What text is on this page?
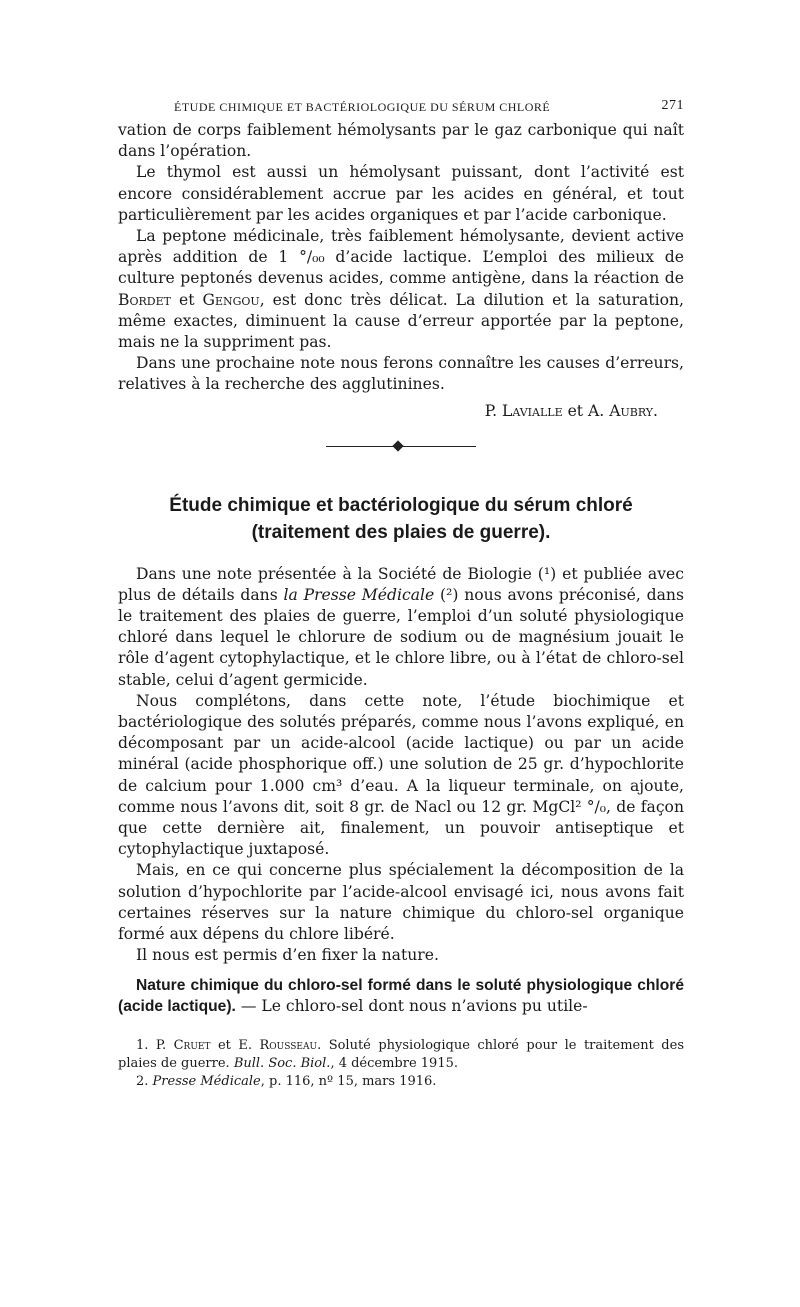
ÉTUDE CHIMIQUE ET BACTÉRIOLOGIQUE DU SÉRUM CHLORÉ	271

vation de corps faiblement hémolysants par le gaz carbonique qui naît dans l’opération.

Le thymol est aussi un hémolysant puissant, dont l’activité est encore considérablement accrue par les acides en général, et tout particulièrement par les acides organiques et par l’acide carbonique.

La peptone médicinale, très faiblement hémolysante, devient active après addition de 1 °/₀₀ d’acide lactique. L’emploi des milieux de culture peptonés devenus acides, comme antigène, dans la réaction de Bordet et Gengou, est donc très délicat. La dilution et la saturation, même exactes, diminuent la cause d’erreur apportée par la peptone, mais ne la suppriment pas.

Dans une prochaine note nous ferons connaître les causes d’erreurs, relatives à la recherche des agglutinines.

P. Lavialle et A. Aubry.
Étude chimique et bactériologique du sérum chloré
(traitement des plaies de guerre).

Dans une note présentée à la Société de Biologie (¹) et publiée avec plus de détails dans la Presse Médicale (²) nous avons préconisé, dans le traitement des plaies de guerre, l’emploi d’un soluté physiologique chloré dans lequel le chlorure de sodium ou de magnésium jouait le rôle d’agent cytophylactique, et le chlore libre, ou à l’état de chloro-sel stable, celui d’agent germicide.

Nous complétons, dans cette note, l’étude biochimique et bactériologique des solutés préparés, comme nous l’avons expliqué, en décomposant par un acide-alcool (acide lactique) ou par un acide minéral (acide phosphorique off.) une solution de 25 gr. d’hypochlorite de calcium pour 1.000 cm³ d’eau. A la liqueur terminale, on ajoute, comme nous l’avons dit, soit 8 gr. de Nacl ou 12 gr. MgCl² °/₀, de façon que cette dernière ait, finalement, un pouvoir antiseptique et cytophylactique juxtaposé.

Mais, en ce qui concerne plus spécialement la décomposition de la solution d’hypochlorite par l’acide-alcool envisagé ici, nous avons fait certaines réserves sur la nature chimique du chloro-sel organique formé aux dépens du chlore libéré.

Il nous est permis d’en fixer la nature.

Nature chimique du chloro-sel formé dans le soluté physiologique chloré (acide lactique). — Le chloro-sel dont nous n’avions pu utile-

1. P. Cruet et E. Rousseau. Soluté physiologique chloré pour le traitement des plaies de guerre. Bull. Soc. Biol., 4 décembre 1915.

2. Presse Médicale, p. 116, nº 15, mars 1916.
